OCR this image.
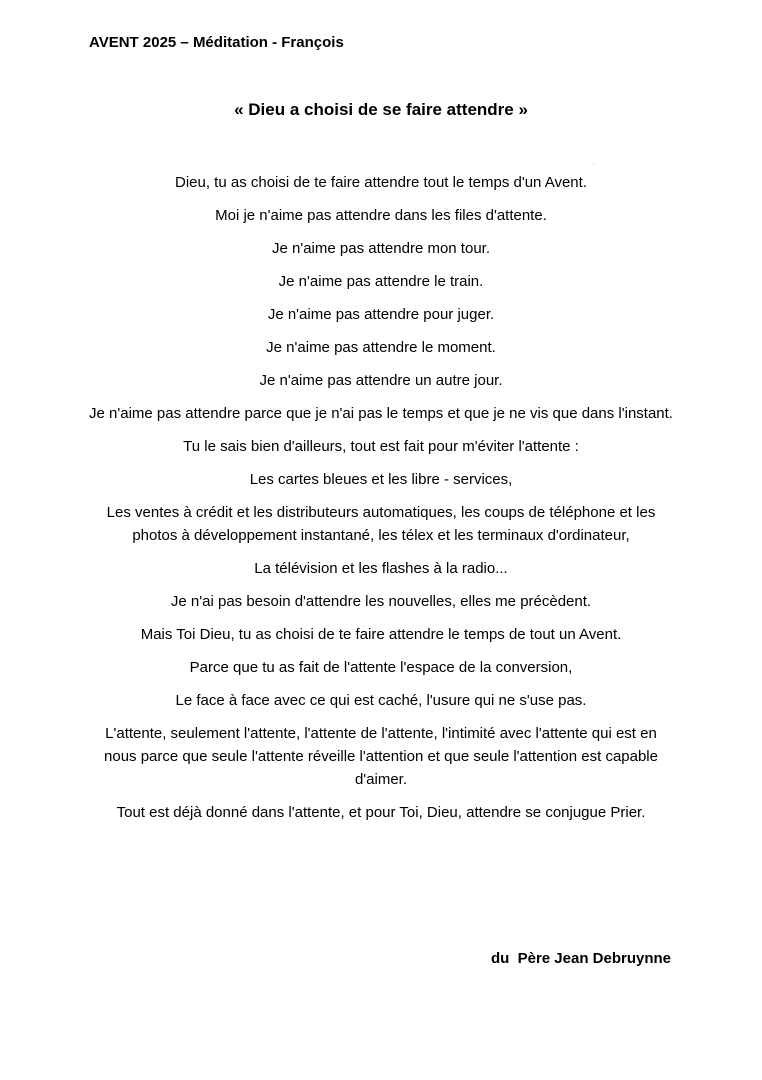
AVENT 2025 – Méditation - François
« Dieu a choisi de se faire attendre »

Dieu, tu as choisi de te faire attendre tout le temps d'un Avent.

Moi je n'aime pas attendre dans les files d'attente.

Je n'aime pas attendre mon tour.

Je n'aime pas attendre le train.

Je n'aime pas attendre pour juger.

Je n'aime pas attendre le moment.

Je n'aime pas attendre un autre jour.

Je n'aime pas attendre parce que je n'ai pas le temps et que je ne vis que dans l'instant.

Tu le sais bien d'ailleurs, tout est fait pour m'éviter l'attente :

Les cartes bleues et les libre - services,

Les ventes à crédit et les distributeurs automatiques, les coups de téléphone et les photos à développement instantané, les télex et les terminaux d'ordinateur,

La télévision et les flashes à la radio...

Je n'ai pas besoin d'attendre les nouvelles, elles me précèdent.

Mais Toi Dieu, tu as choisi de te faire attendre le temps de tout un Avent.

Parce que tu as fait de l'attente l'espace de la conversion,

Le face à face avec ce qui est caché, l'usure qui ne s'use pas.

L'attente, seulement l'attente, l'attente de l'attente, l'intimité avec l'attente qui est en nous parce que seule l'attente réveille l'attention et que seule l'attention est capable d'aimer.

Tout est déjà donné dans l'attente, et pour Toi, Dieu, attendre se conjugue Prier.

du  Père Jean Debruynne
